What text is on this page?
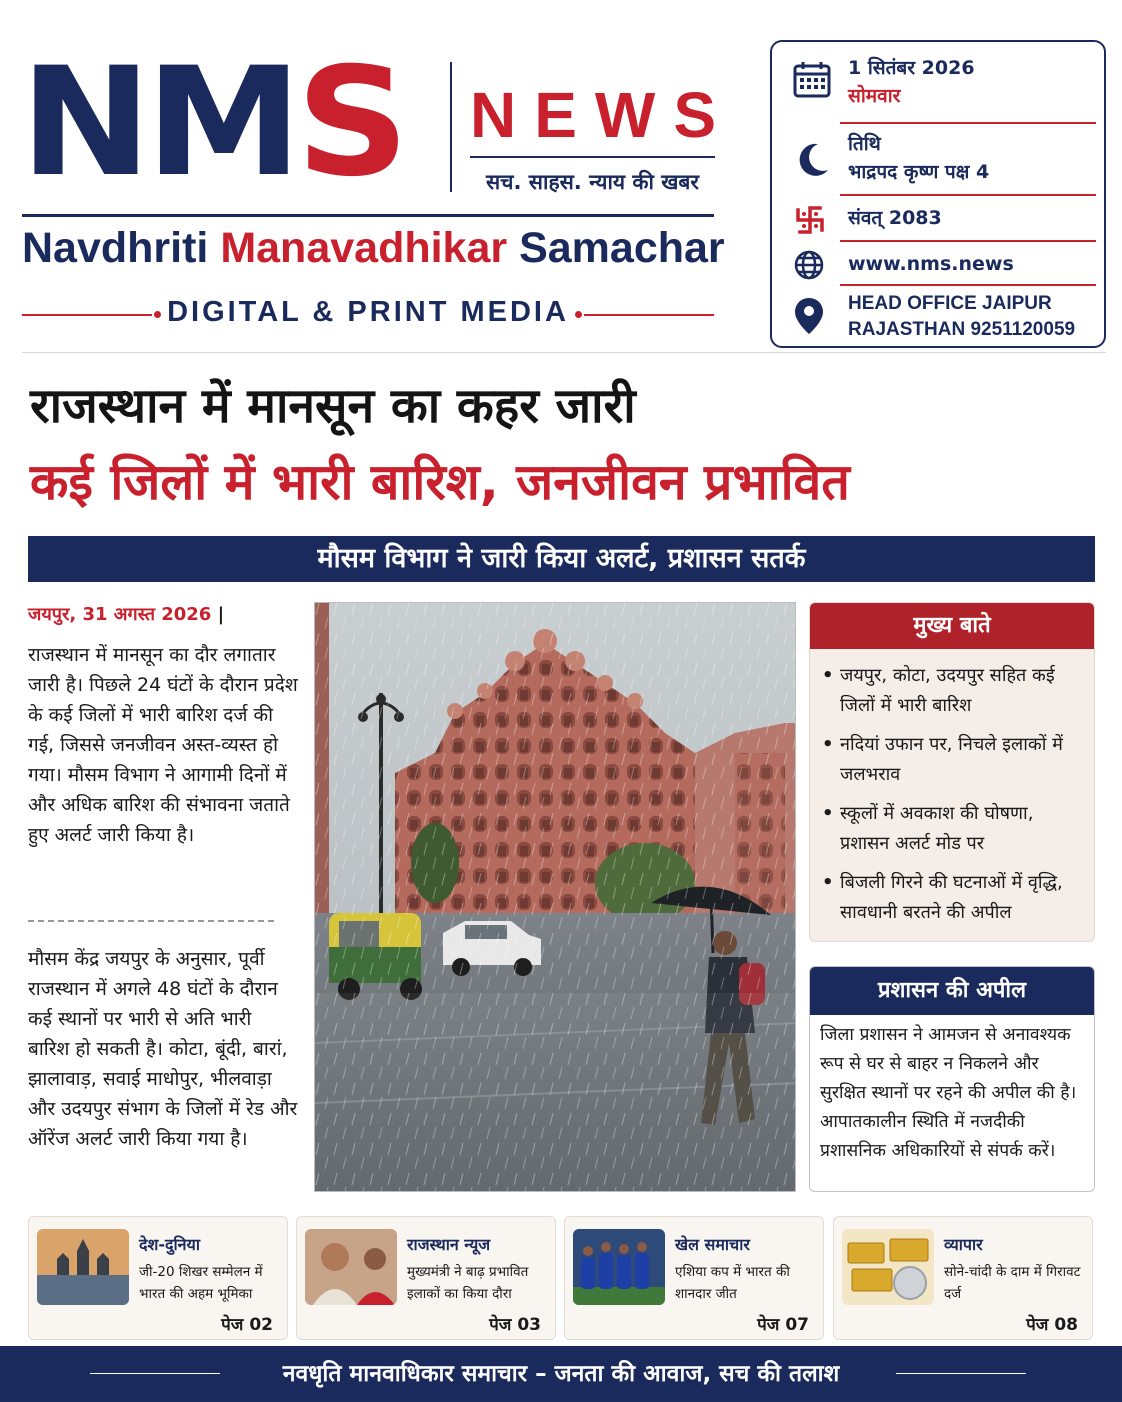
NMS NEWS
सच. साहस. न्याय की खबर
Navdhriti Manavadhikar Samachar
DIGITAL & PRINT MEDIA
1 सितंबर 2026
सोमवार
तिथि
भाद्रपद कृष्ण पक्ष 4
संवत् 2083
www.nms.news
HEAD OFFICE JAIPUR
RAJASTHAN 9251120059
राजस्थान में मानसून का कहर जारी
कई जिलों में भारी बारिश, जनजीवन प्रभावित
मौसम विभाग ने जारी किया अलर्ट, प्रशासन सतर्क
जयपुर, 31 अगस्त 2026 |

राजस्थान में मानसून का दौर लगातार जारी है। पिछले 24 घंटों के दौरान प्रदेश के कई जिलों में भारी बारिश दर्ज की गई, जिससे जनजीवन अस्त-व्यस्त हो गया। मौसम विभाग ने आगामी दिनों में और अधिक बारिश की संभावना जताते हुए अलर्ट जारी किया है।

मौसम केंद्र जयपुर के अनुसार, पूर्वी राजस्थान में अगले 48 घंटों के दौरान कई स्थानों पर भारी से अति भारी बारिश हो सकती है। कोटा, बूंदी, बारां, झालावाड़, सवाई माधोपुर, भीलवाड़ा और उदयपुर संभाग के जिलों में रेड और ऑरेंज अलर्ट जारी किया गया है।

मुख्य बाते
• जयपुर, कोटा, उदयपुर सहित कई जिलों में भारी बारिश
• नदियां उफान पर, निचले इलाकों में जलभराव
• स्कूलों में अवकाश की घोषणा, प्रशासन अलर्ट मोड पर
• बिजली गिरने की घटनाओं में वृद्धि, सावधानी बरतने की अपील
प्रशासन की अपील

जिला प्रशासन ने आमजन से अनावश्यक रूप से घर से बाहर न निकलने और सुरक्षित स्थानों पर रहने की अपील की है। आपातकालीन स्थिति में नजदीकी प्रशासनिक अधिकारियों से संपर्क करें।

देश-दुनिया
जी-20 शिखर सम्मेलन में भारत की अहम भूमिका
पेज 02
राजस्थान न्यूज
मुख्यमंत्री ने बाढ़ प्रभावित इलाकों का किया दौरा
पेज 03
खेल समाचार
एशिया कप में भारत की शानदार जीत
पेज 07
व्यापार
सोने-चांदी के दाम में गिरावट दर्ज
पेज 08
नवधृति मानवाधिकार समाचार – जनता की आवाज, सच की तलाश
